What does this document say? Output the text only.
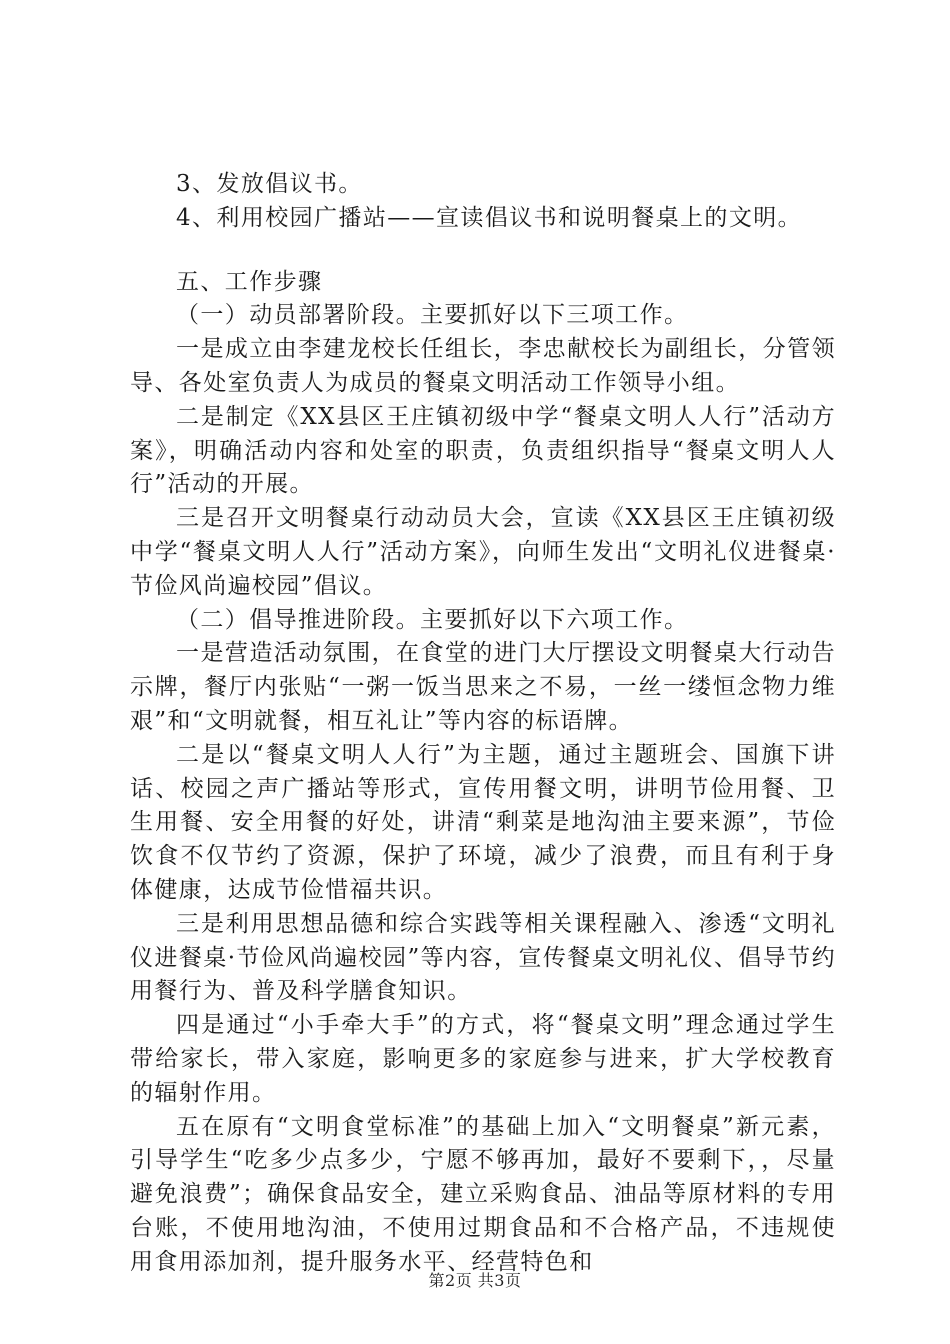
3、发放倡议书。

4、利用校园广播站——宣读倡议书和说明餐桌上的文明。

五、工作步骤

（一）动员部署阶段。主要抓好以下三项工作。

一是成立由李建龙校长任组长，李忠献校长为副组长，分管领导、各处室负责人为成员的餐桌文明活动工作领导小组。

二是制定《XX县区王庄镇初级中学“餐桌文明人人行”活动方案》，明确活动内容和处室的职责，负责组织指导“餐桌文明人人行”活动的开展。

三是召开文明餐桌行动动员大会，宣读《XX县区王庄镇初级中学“餐桌文明人人行”活动方案》，向师生发出“文明礼仪进餐桌·节俭风尚遍校园”倡议。

（二）倡导推进阶段。主要抓好以下六项工作。

一是营造活动氛围，在食堂的进门大厅摆设文明餐桌大行动告示牌，餐厅内张贴“一粥一饭当思来之不易，一丝一缕恒念物力维艰”和“文明就餐，相互礼让”等内容的标语牌。

二是以“餐桌文明人人行”为主题，通过主题班会、国旗下讲话、校园之声广播站等形式，宣传用餐文明，讲明节俭用餐、卫生用餐、安全用餐的好处，讲清“剩菜是地沟油主要来源”，节俭饮食不仅节约了资源，保护了环境，减少了浪费，而且有利于身体健康，达成节俭惜福共识。

三是利用思想品德和综合实践等相关课程融入、渗透“文明礼仪进餐桌·节俭风尚遍校园”等内容，宣传餐桌文明礼仪、倡导节约用餐行为、普及科学膳食知识。

四是通过“小手牵大手”的方式，将“餐桌文明”理念通过学生带给家长，带入家庭，影响更多的家庭参与进来，扩大学校教育的辐射作用。

五在原有“文明食堂标准”的基础上加入“文明餐桌”新元素，引导学生“吃多少点多少，宁愿不够再加，最好不要剩下，，尽量避免浪费”；确保食品安全，建立采购食品、油品等原材料的专用台账，不使用地沟油，不使用过期食品和不合格产品，不违规使用食用添加剂，提升服务水平、经营特色和

第2页 共3页
